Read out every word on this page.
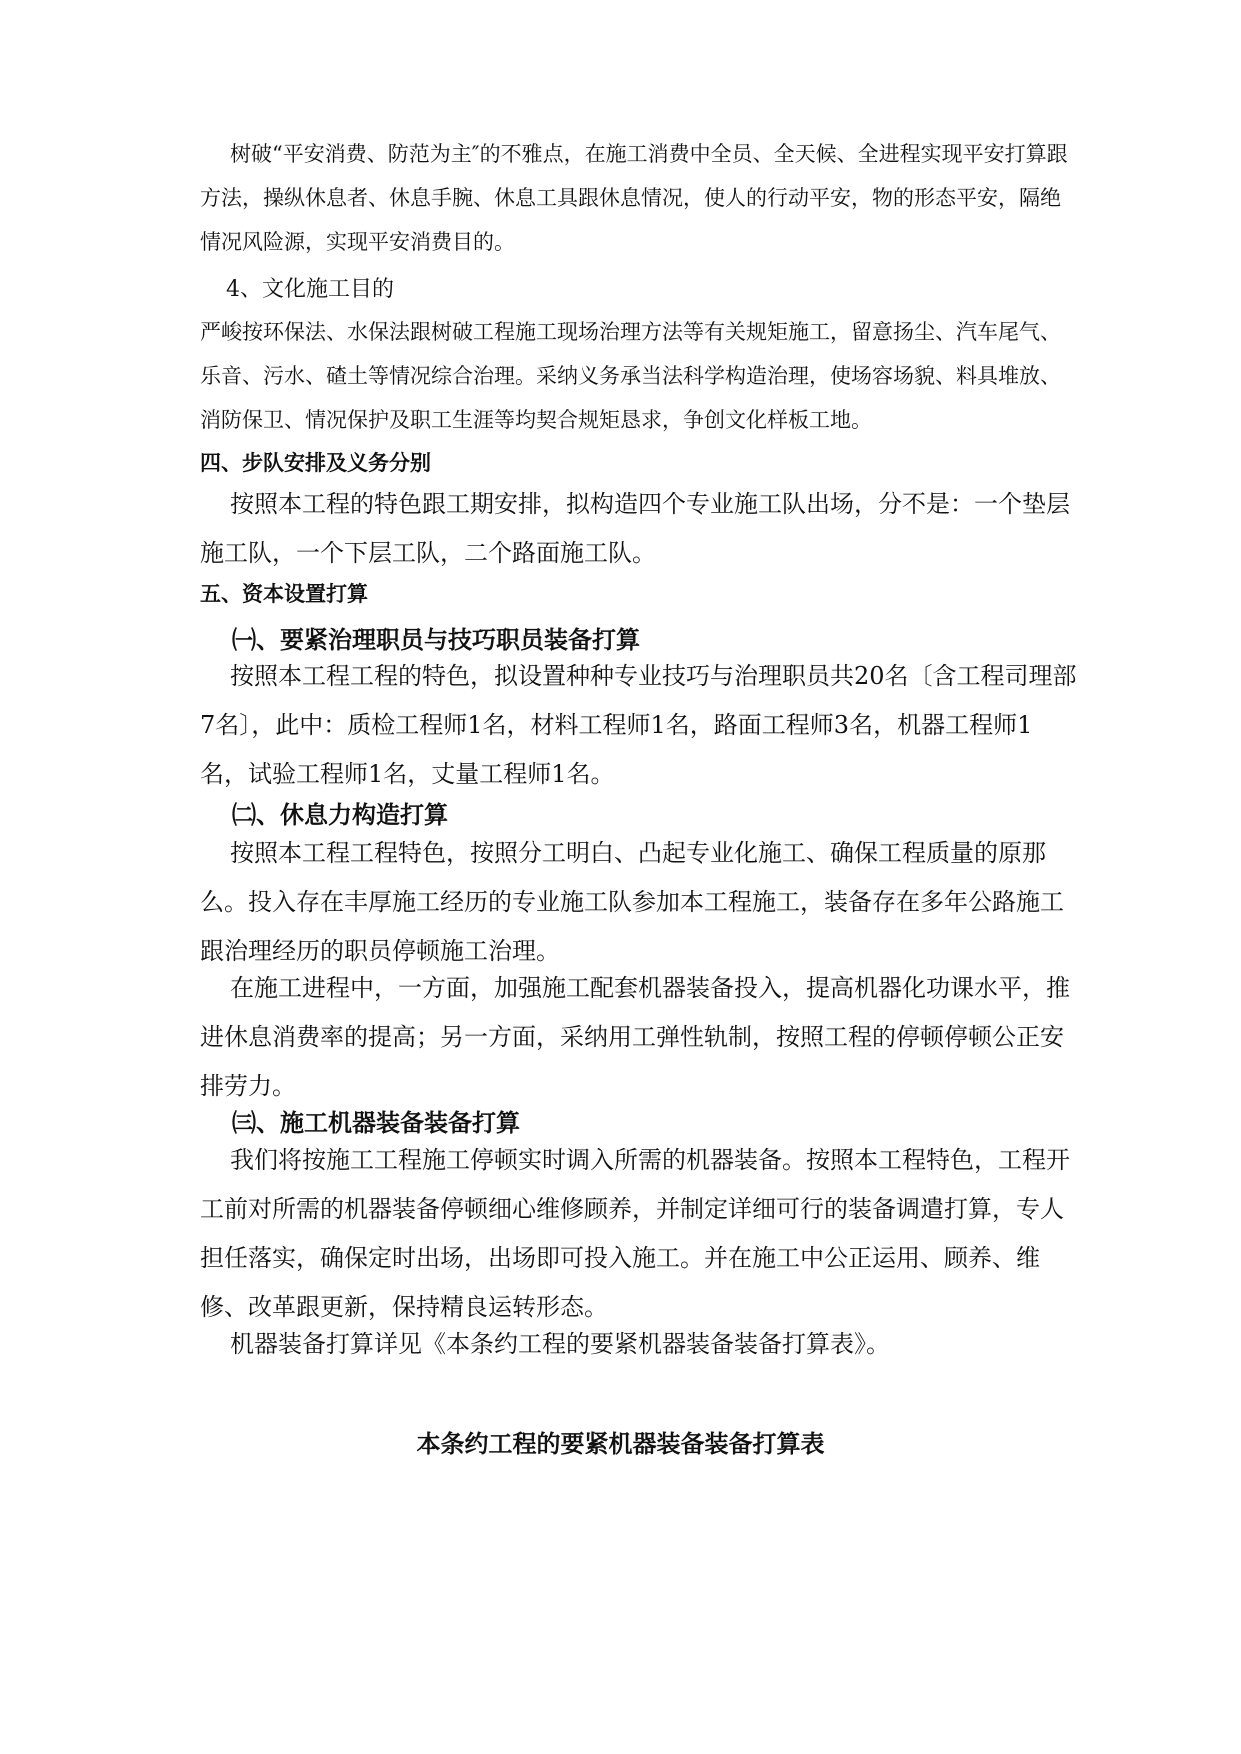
树破“平安消费、防范为主″的不雅点，在施工消费中全员、全天候、全进程实现平安打算跟方法，操纵休息者、休息手腕、休息工具跟休息情况，使人的行动平安，物的形态平安，隔绝情况风险源，实现平安消费目的。

4、文化施工目的

严峻按环保法、水保法跟树破工程施工现场治理方法等有关规矩施工，留意扬尘、汽车尾气、乐音、污水、碴土等情况综合治理。采纳义务承当法科学构造治理，使场容场貌、料具堆放、消防保卫、情况保护及职工生涯等均契合规矩恳求，争创文化样板工地。

四、步队安排及义务分别

按照本工程的特色跟工期安排，拟构造四个专业施工队出场，分不是：一个垫层施工队，一个下层工队，二个路面施工队。

五、资本设置打算

㈠、要紧治理职员与技巧职员装备打算

按照本工程工程的特色，拟设置种种专业技巧与治理职员共20名〔含工程司理部7名〕，此中：质检工程师1名，材料工程师1名，路面工程师3名，机器工程师1名，试验工程师1名，丈量工程师1名。

㈡、休息力构造打算

按照本工程工程特色，按照分工明白、凸起专业化施工、确保工程质量的原那么。投入存在丰厚施工经历的专业施工队参加本工程施工，装备存在多年公路施工跟治理经历的职员停顿施工治理。

在施工进程中，一方面，加强施工配套机器装备投入，提高机器化功课水平，推进休息消费率的提高；另一方面，采纳用工弹性轨制，按照工程的停顿停顿公正安排劳力。

㈢、施工机器装备装备打算

我们将按施工工程施工停顿实时调入所需的机器装备。按照本工程特色，工程开工前对所需的机器装备停顿细心维修顾养，并制定详细可行的装备调遣打算，专人担任落实，确保定时出场，出场即可投入施工。并在施工中公正运用、顾养、维修、改革跟更新，保持精良运转形态。

机器装备打算详见《本条约工程的要紧机器装备装备打算表》。

本条约工程的要紧机器装备装备打算表
